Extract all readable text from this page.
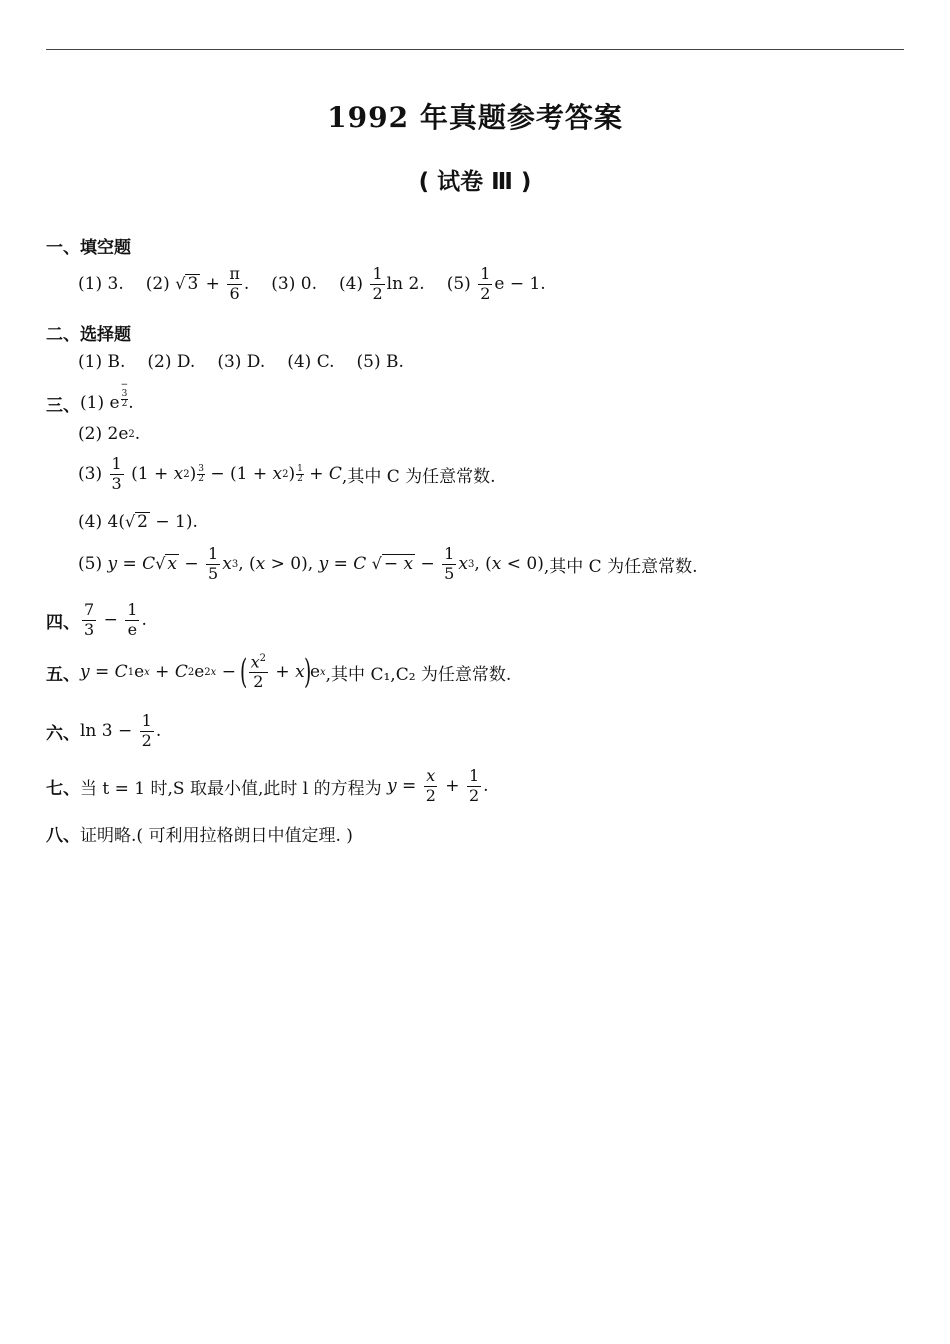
1992 年真题参考答案
( 试卷 Ⅲ )
一、填空题
(1) 3. (2) √ $3 + \frac{\pi}{6}$ . (3) 0. $(4) \frac{1}{2}$ ln 2. $(5) \frac{1}{2}$ e − 1.
二、选择题
(1) B. (2) D. (3) D. (4) C. (5) B.
三、 (1) e
−
3
2 .
(2) 2e 2 .
(3)
$\frac{1}{3} (1 + x$ 2 ) 3
2 − (1 + x 2 ) 1
2 + C ,其中 C 为任意常数.
(4) 4( √ 2 − 1).
(5)
y = C √ $x - \frac{1}{5}$ x 3 , ( x > 0), y = C
√ − $x - \frac{1}{5}$ x 3 , ( x < 0) ,其中 C 为任意常数.
四、 $\frac{7}{3} - \frac{1}{e}$ .
五、 y = C 1 e x + C 2 e 2x −
( $\frac{x^2}{2} + x$
)
e x ,其中 C₁,C₂ 为任意常数.
六、 $\ln 3 - \frac{1}{2}$ .
七、 当 t = 1 时,S 取最小值,此时 l 的方程为
$y = \frac{x}{2} + \frac{1}{2}$ .
八、 证明略.( 可利用拉格朗日中值定理. )
